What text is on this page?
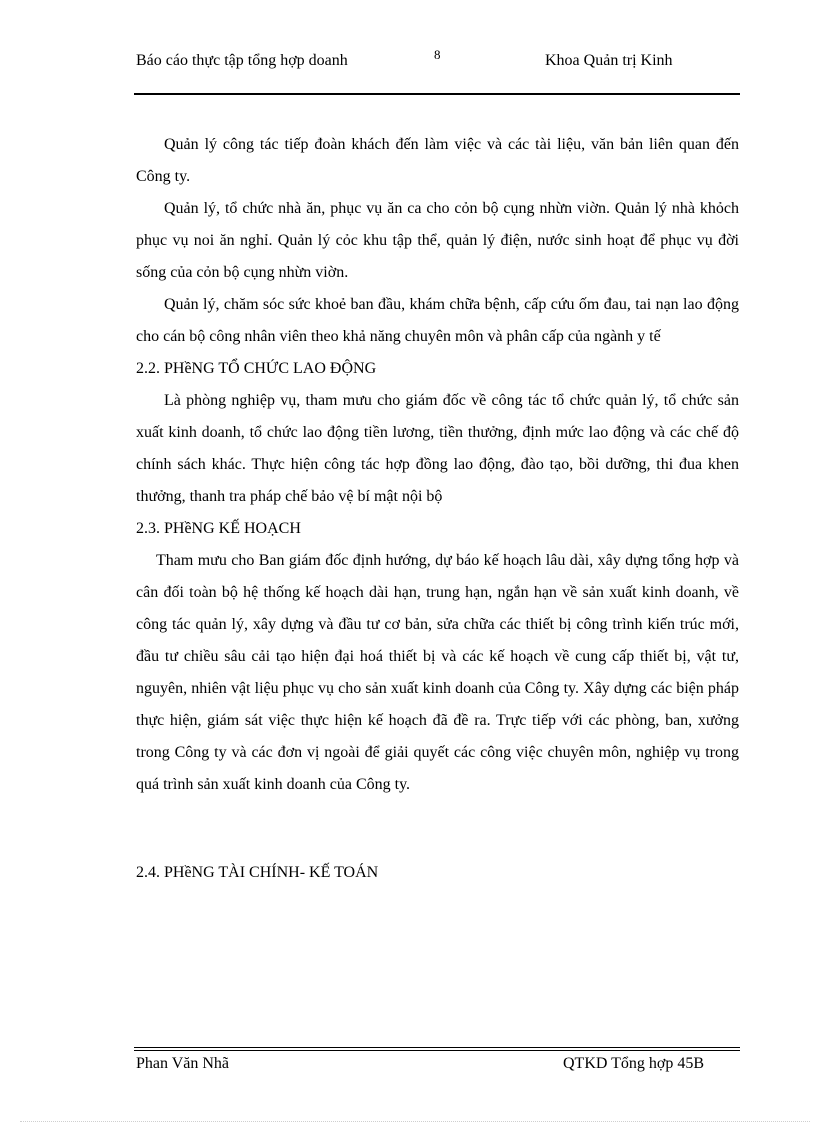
Báo cáo thực tập tổng hợp doanh	8	Khoa Quản trị Kinh

Quản lý công tác tiếp đoàn khách đến làm việc và các tài liệu, văn bản liên quan đến Công ty.

Quản lý, tổ chức nhà ăn, phục vụ ăn ca cho cỏn bộ cụng nhừn viờn. Quản lý nhà khỏch phục vụ noi ăn nghỉ. Quản lý cỏc khu tập thể, quản lý điện, nước sinh hoạt để phục vụ đời sống của cỏn bộ cụng nhừn viờn.

Quản lý, chăm sóc sức khoẻ ban đầu, khám chữa bệnh, cấp cứu ốm đau, tai nạn lao động cho cán bộ công nhân viên theo khả năng chuyên môn và phân cấp của ngành y tế

2.2. PHềNG TỔ CHỨC LAO ĐỘNG

Là phòng nghiệp vụ, tham mưu cho giám đốc về công tác tổ chức quản lý, tổ chức sản xuất kinh doanh, tổ chức lao động tiền lương, tiền thưởng, định mức lao động và các chế độ chính sách khác. Thực hiện công tác hợp đồng lao động, đào tạo, bồi dưỡng, thi đua khen thưởng, thanh tra pháp chế bảo vệ bí mật nội bộ

2.3. PHềNG KẾ HOẠCH

Tham mưu cho Ban giám đốc định hướng, dự báo kế hoạch lâu dài, xây dựng tổng hợp và cân đối toàn bộ hệ thống kế hoạch dài hạn, trung hạn, ngắn hạn về sản xuất kinh doanh, về công tác quản lý, xây dựng và đầu tư cơ bản, sửa chữa các thiết bị công trình kiến trúc mới, đầu tư chiều sâu cải tạo hiện đại hoá thiết bị và các kế hoạch về cung cấp thiết bị, vật tư, nguyên, nhiên vật liệu phục vụ cho sản xuất kinh doanh của Công ty. Xây dựng các biện pháp thực hiện, giám sát việc thực hiện kế hoạch đã đề ra. Trực tiếp với các phòng, ban, xưởng trong Công ty và các đơn vị ngoài để giải quyết các công việc chuyên môn, nghiệp vụ trong quá trình sản xuất kinh doanh của Công ty.

2.4. PHềNG TÀI CHÍNH- KẾ TOÁN

Phan Văn Nhã	QTKD Tổng hợp 45B
